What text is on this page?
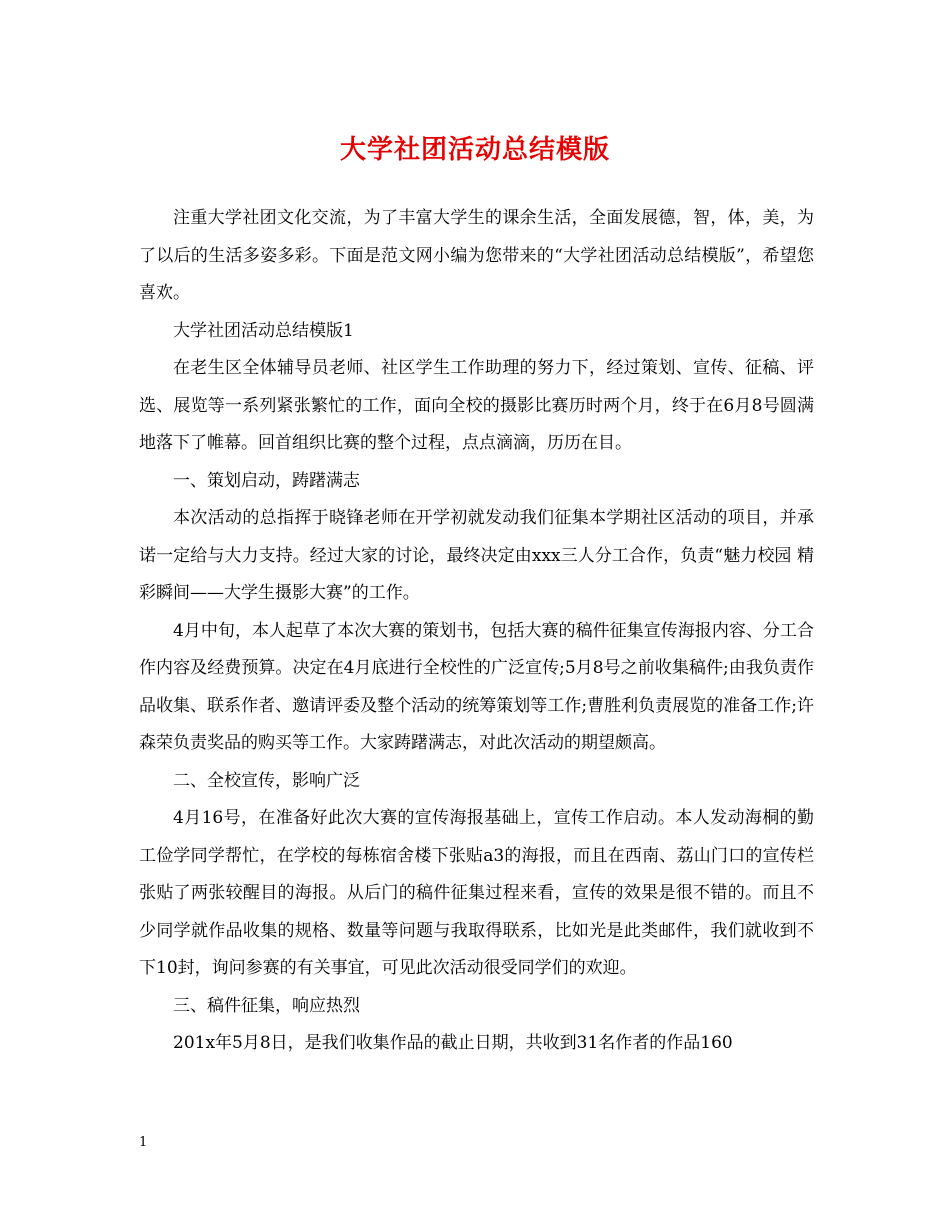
大学社团活动总结模版

注重大学社团文化交流，为了丰富大学生的课余生活，全面发展德，智，体，美，为了以后的生活多姿多彩。下面是范文网小编为您带来的“大学社团活动总结模版”，希望您喜欢。

大学社团活动总结模版1

在老生区全体辅导员老师、社区学生工作助理的努力下，经过策划、宣传、征稿、评选、展览等一系列紧张繁忙的工作，面向全校的摄影比赛历时两个月，终于在6月8号圆满地落下了帷幕。回首组织比赛的整个过程，点点滴滴，历历在目。

一、策划启动，踌躇满志

本次活动的总指挥于晓锋老师在开学初就发动我们征集本学期社区活动的项目，并承诺一定给与大力支持。经过大家的讨论，最终决定由xxx三人分工合作，负责“魅力校园 精彩瞬间——大学生摄影大赛”的工作。

4月中旬，本人起草了本次大赛的策划书，包括大赛的稿件征集宣传海报内容、分工合作内容及经费预算。决定在4月底进行全校性的广泛宣传;5月8号之前收集稿件;由我负责作品收集、联系作者、邀请评委及整个活动的统筹策划等工作;曹胜利负责展览的准备工作;许森荣负责奖品的购买等工作。大家踌躇满志，对此次活动的期望颇高。

二、全校宣传，影响广泛

4月16号，在准备好此次大赛的宣传海报基础上，宣传工作启动。本人发动海桐的勤工俭学同学帮忙，在学校的每栋宿舍楼下张贴a3的海报，而且在西南、荔山门口的宣传栏张贴了两张较醒目的海报。从后门的稿件征集过程来看，宣传的效果是很不错的。而且不少同学就作品收集的规格、数量等问题与我取得联系，比如光是此类邮件，我们就收到不下10封，询问参赛的有关事宜，可见此次活动很受同学们的欢迎。

三、稿件征集，响应热烈

201x年5月8日，是我们收集作品的截止日期，共收到31名作者的作品160

1
